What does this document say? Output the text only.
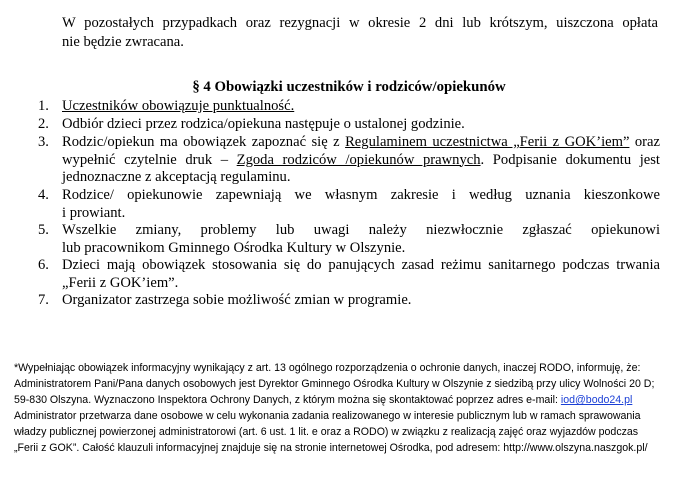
W pozostałych przypadkach oraz rezygnacji w okresie 2 dni lub krótszym, uiszczona opłata
nie będzie zwracana.
§ 4 Obowiązki uczestników i rodziców/opiekunów
1. Uczestników obowiązuje punktualność.
2. Odbiór dzieci przez rodzica/opiekuna następuje o ustalonej godzinie.
3. Rodzic/opiekun ma obowiązek zapoznać się z Regulaminem uczestnictwa „Ferii z GOK’iem” oraz
wypełnić czytelnie druk – Zgoda rodziców /opiekunów prawnych. Podpisanie dokumentu jest
jednoznaczne z akceptacją regulaminu.
4. Rodzice/ opiekunowie zapewniają we własnym zakresie i według uznania kieszonkowe
i prowiant.
5. Wszelkie zmiany, problemy lub uwagi należy niezwłocznie zgłaszać opiekunowi
lub pracownikom Gminnego Ośrodka Kultury w Olszynie.
6. Dzieci mają obowiązek stosowania się do panujących zasad reżimu sanitarnego podczas trwania
„Ferii z GOK’iem”.
7. Organizator zastrzega sobie możliwość zmian w programie.
*Wypełniając obowiązek informacyjny wynikający z art. 13 ogólnego rozporządzenia o ochronie danych, inaczej RODO, informuję, że:
Administratorem Pani/Pana danych osobowych jest Dyrektor Gminnego Ośrodka Kultury w Olszynie z siedzibą przy ulicy Wolności 20 D;
59-830 Olszyna. Wyznaczono Inspektora Ochrony Danych, z którym można się skontaktować poprzez adres e-mail: iod@bodo24.pl
Administrator przetwarza dane osobowe w celu wykonania zadania realizowanego w interesie publicznym lub w ramach sprawowania
władzy publicznej powierzonej administratorowi (art. 6 ust. 1 lit. e oraz a RODO) w związku z realizacją zajęć oraz wyjazdów podczas
„Ferii z GOK”. Całość klauzuli informacyjnej znajduje się na stronie internetowej Ośrodka, pod adresem: http://www.olszyna.naszgok.pl/
